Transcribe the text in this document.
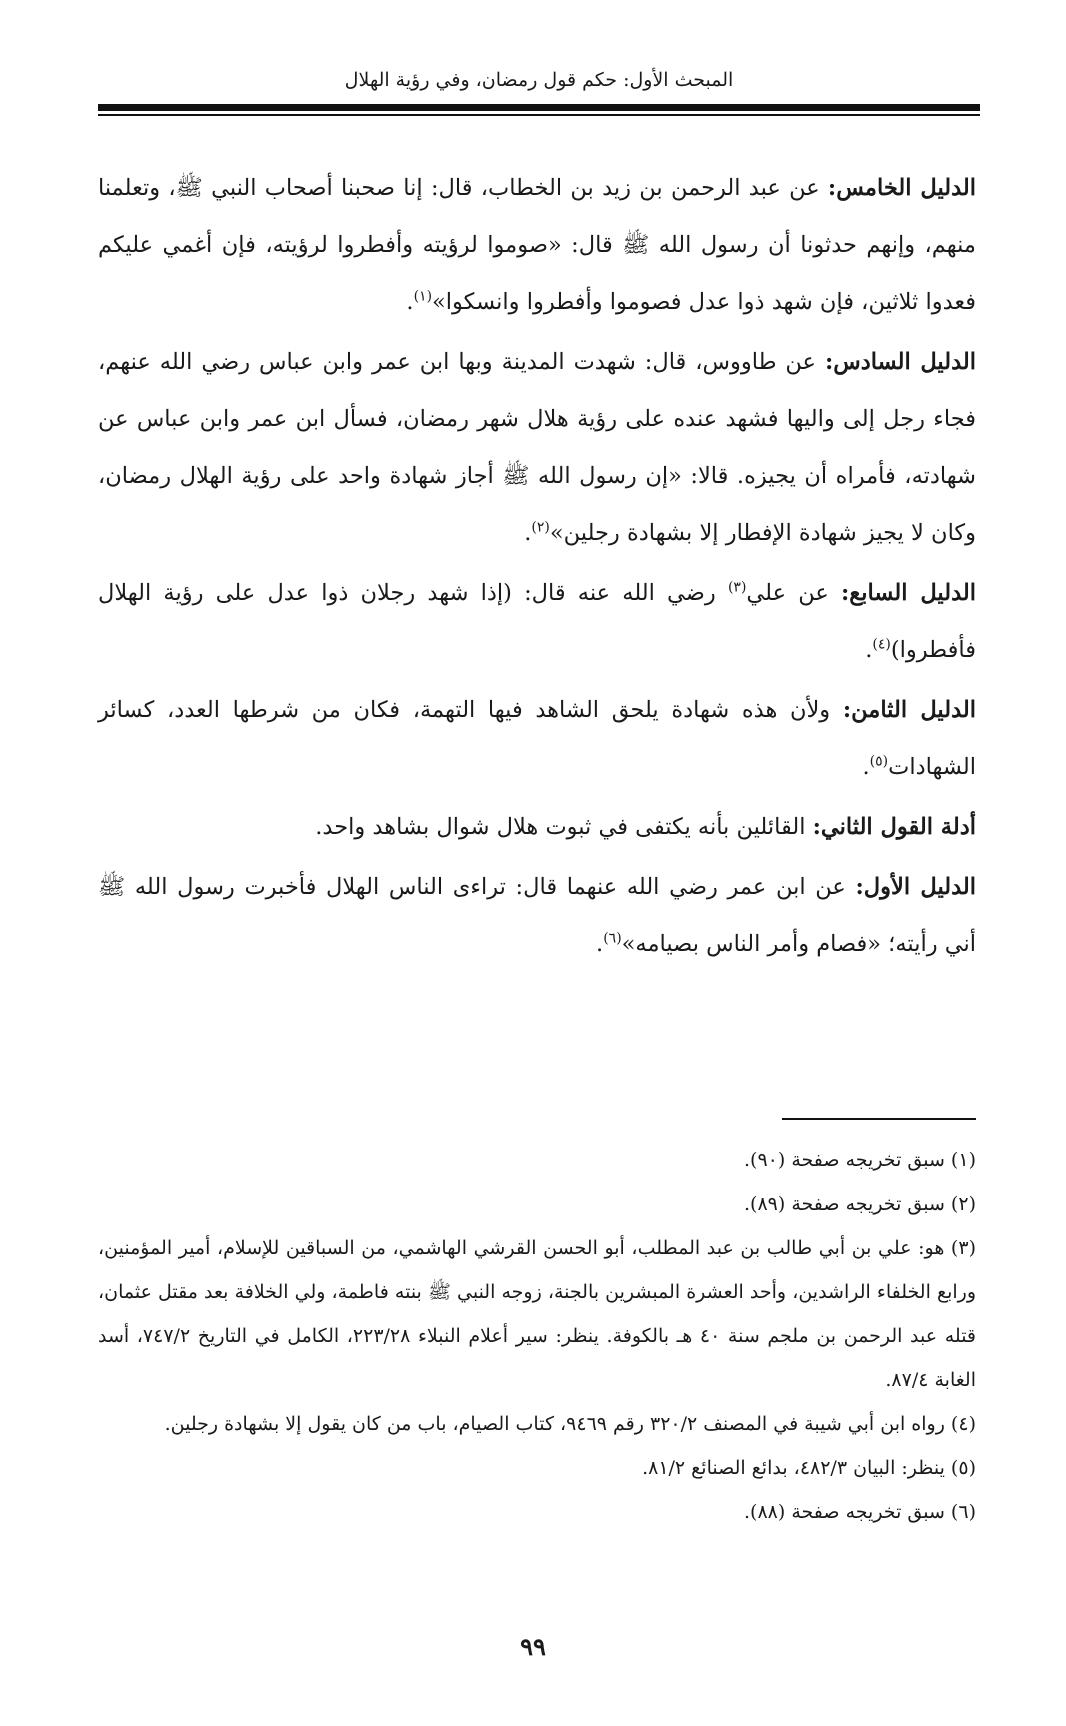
المبحث الأول: حكم قول رمضان، وفي رؤية الهلال

الدليل الخامس: عن عبد الرحمن بن زيد بن الخطاب، قال: إنا صحبنا أصحاب النبي ﷺ، وتعلمنا منهم، وإنهم حدثونا أن رسول الله ﷺ قال: «صوموا لرؤيته وأفطروا لرؤيته، فإن أغمي عليكم فعدوا ثلاثين، فإن شهد ذوا عدل فصوموا وأفطروا وانسكوا»$^{(١)}$.

الدليل السادس: عن طاووس، قال: شهدت المدينة وبها ابن عمر وابن عباس رضي الله عنهم، فجاء رجل إلى واليها فشهد عنده على رؤية هلال شهر رمضان، فسأل ابن عمر وابن عباس عن شهادته، فأمراه أن يجيزه. قالا: «إن رسول الله ﷺ أجاز شهادة واحد على رؤية الهلال رمضان، وكان لا يجيز شهادة الإفطار إلا بشهادة رجلين»$^{(٢)}$.

الدليل السابع: عن علي$^{(٣)}$ رضي الله عنه قال: (إذا شهد رجلان ذوا عدل على رؤية الهلال فأفطروا)$^{(٤)}$.

الدليل الثامن: ولأن هذه شهادة يلحق الشاهد فيها التهمة، فكان من شرطها العدد، كسائر الشهادات$^{(٥)}$.

أدلة القول الثاني: القائلين بأنه يكتفى في ثبوت هلال شوال بشاهد واحد.

الدليل الأول: عن ابن عمر رضي الله عنهما قال: تراءى الناس الهلال فأخبرت رسول الله ﷺ أني رأيته؛ «فصام وأمر الناس بصيامه»$^{(٦)}$.

(١) سبق تخريجه صفحة (٩٠).

(٢) سبق تخريجه صفحة (٨٩).

(٣) هو: علي بن أبي طالب بن عبد المطلب، أبو الحسن القرشي الهاشمي، من السباقين للإسلام، أمير المؤمنين، ورابع الخلفاء الراشدين، وأحد العشرة المبشرين بالجنة، زوجه النبي ﷺ بنته فاطمة، ولي الخلافة بعد مقتل عثمان، قتله عبد الرحمن بن ملجم سنة ٤٠ هـ بالكوفة. ينظر: سير أعلام النبلاء ٢٢٣/٢٨، الكامل في التاريخ ٧٤٧/٢، أسد الغابة ٨٧/٤.

(٤) رواه ابن أبي شيبة في المصنف ٣٢٠/٢ رقم ٩٤٦٩، كتاب الصيام، باب من كان يقول إلا بشهادة رجلين.

(٥) ينظر: البيان ٤٨٢/٣، بدائع الصنائع ٨١/٢.

(٦) سبق تخريجه صفحة (٨٨).

٩٩
